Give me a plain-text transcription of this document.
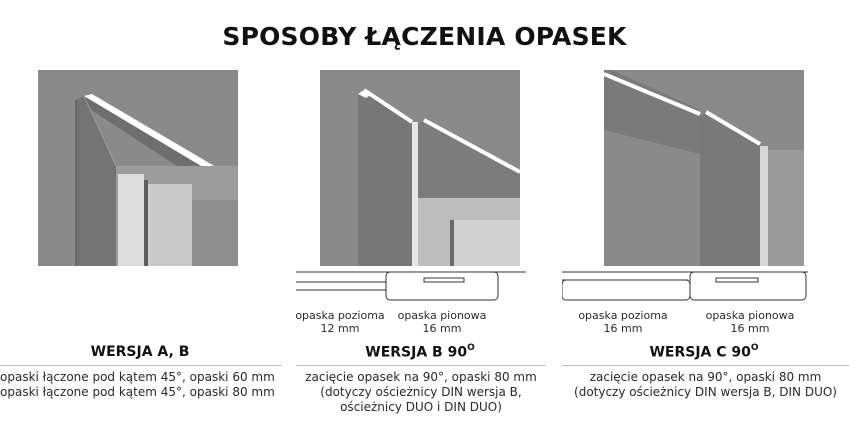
SPOSOBY ŁĄCZENIA OPASEK
opaska pozioma
12 mm
opaska pionowa
16 mm
opaska pozioma
16 mm
opaska pionowa
16 mm
WERSJA A, B	WERSJA B $90^O$	WERSJA C $90^O$
opaski łączone pod kątem 45°, opaski 60 mm
opaski łączone pod kątem 45°, opaski 80 mm
zacięcie opasek na 90°, opaski 80 mm
(dotyczy ościeżnicy DIN wersja B,
ościeżnicy DUO i DIN DUO)
zacięcie opasek na 90°, opaski 80 mm
(dotyczy ościeżnicy DIN wersja B, DIN DUO)
